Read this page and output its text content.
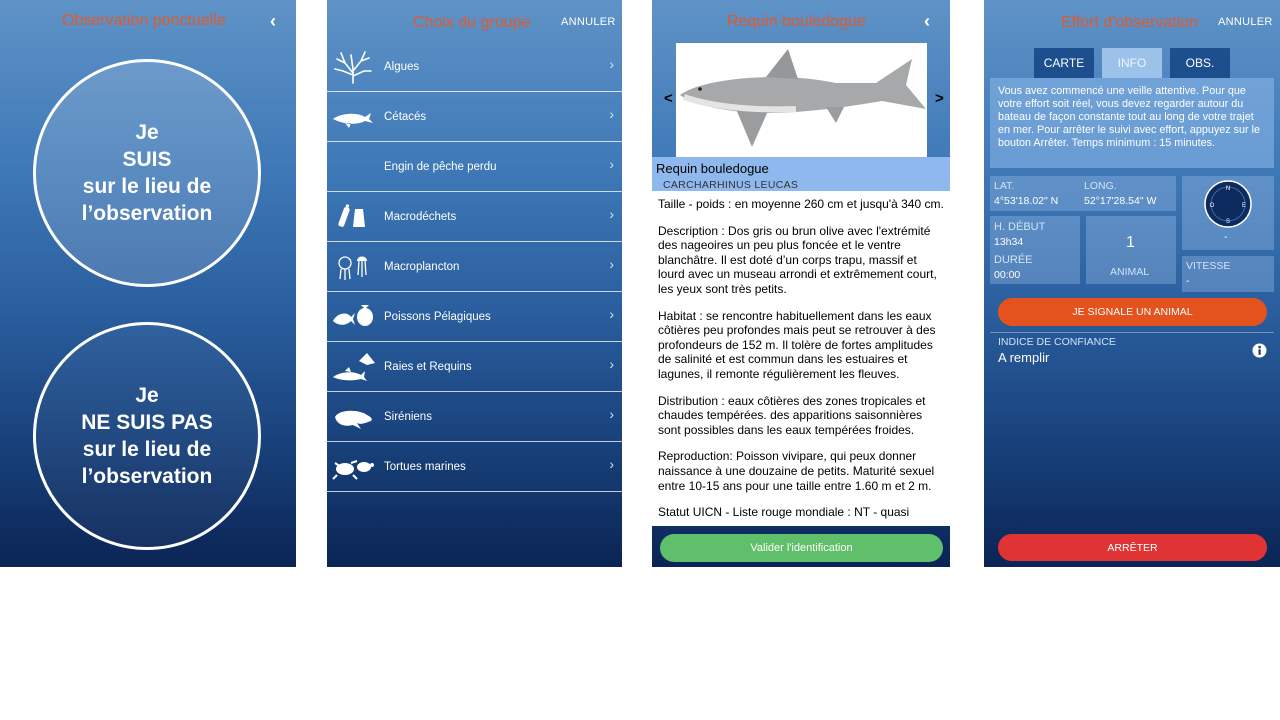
Observation ponctuelle ‹
Je
SUIS
sur le lieu de
l’observation
Je
NE SUIS PAS
sur le lieu de
l’observation
Choix du groupe	ANNULER
Algues	›
Cétacés	›
Engin de pêche perdu	›
Macrodéchets	›
Macroplancton	›
Poissons Pélagiques	›
Raies et Requins	›
Siréniens	›
Tortues marines	›
Requin bouledogue	‹
<	>
Requin bouledogue
CARCHARHINUS LEUCAS

Taille - poids : en moyenne 260 cm et jusqu'à 340 cm.

Description : Dos gris ou brun olive avec l'extrémité des nageoires un peu plus foncée et le ventre blanchâtre. Il est doté d’un corps trapu, massif et lourd avec un museau arrondi et extrêmement court, les yeux sont très petits.

Habitat : se rencontre habituellement dans les eaux côtières peu profondes mais peut se retrouver à des profondeurs de 152 m. Il tolère de fortes amplitudes de salinité et est commun dans les estuaires et lagunes, il remonte régulièrement les fleuves.

Distribution : eaux côtières des zones tropicales et chaudes tempérées. des apparitions saisonnières sont possibles dans les eaux tempérées froides.

Reproduction: Poisson vivipare, qui peux donner naissance à une douzaine de petits. Maturité sexuel entre 10-15 ans pour une taille entre 1.60 m et 2 m.

Statut UICN - Liste rouge mondiale : NT - quasi

Valider l'identification
Effort d'observation ANNULER
CARTE	INFO	OBS.
Vous avez commencé une veille attentive. Pour que votre effort soit réel, vous devez regarder autour du bateau de façon constante tout au long de votre trajet en mer. Pour arrêter le suivi avec effort, appuyez sur le bouton Arrêter. Temps minimum : 15 minutes.
LAT.
4°53'18.02" N
LONG.
52°17'28.54" W
N
S
O	E
-
H. DÉBUT
13h34
DURÉE
00:00
1
ANIMAL	VITESSE
-
JE SIGNALE UN ANIMAL
INDICE DE CONFIANCE
A remplir
ARRÊTER
